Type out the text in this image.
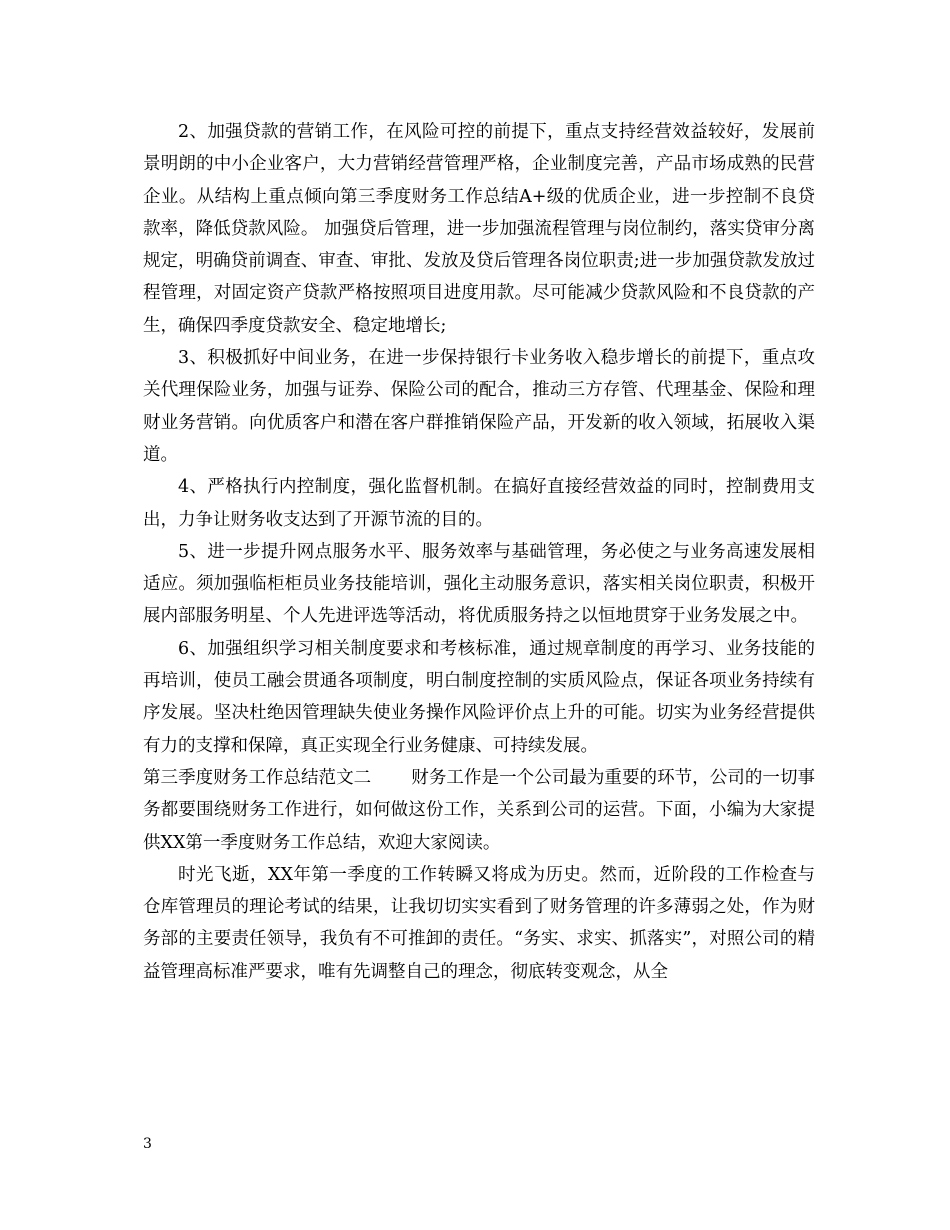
2、加强贷款的营销工作，在风险可控的前提下，重点支持经营效益较好，发展前景明朗的中小企业客户，大力营销经营管理严格，企业制度完善，产品市场成熟的民营企业。从结构上重点倾向第三季度财务工作总结A+级的优质企业，进一步控制不良贷款率，降低贷款风险。 加强贷后管理，进一步加强流程管理与岗位制约，落实贷审分离规定，明确贷前调查、审查、审批、发放及贷后管理各岗位职责;进一步加强贷款发放过程管理，对固定资产贷款严格按照项目进度用款。尽可能减少贷款风险和不良贷款的产生，确保四季度贷款安全、稳定地增长;

3、积极抓好中间业务，在进一步保持银行卡业务收入稳步增长的前提下，重点攻关代理保险业务，加强与证券、保险公司的配合，推动三方存管、代理基金、保险和理财业务营销。向优质客户和潜在客户群推销保险产品，开发新的收入领域，拓展收入渠道。

4、严格执行内控制度，强化监督机制。在搞好直接经营效益的同时，控制费用支出，力争让财务收支达到了开源节流的目的。

5、进一步提升网点服务水平、服务效率与基础管理，务必使之与业务高速发展相适应。须加强临柜柜员业务技能培训，强化主动服务意识，落实相关岗位职责，积极开展内部服务明星、个人先进评选等活动，将优质服务持之以恒地贯穿于业务发展之中。

6、加强组织学习相关制度要求和考核标准，通过规章制度的再学习、业务技能的再培训，使员工融会贯通各项制度，明白制度控制的实质风险点，保证各项业务持续有序发展。坚决杜绝因管理缺失使业务操作风险评价点上升的可能。切实为业务经营提供有力的支撑和保障，真正实现全行业务健康、可持续发展。

第三季度财务工作总结范文二 财务工作是一个公司最为重要的环节，公司的一切事务都要围绕财务工作进行，如何做这份工作，关系到公司的运营。下面，小编为大家提供XX第一季度财务工作总结，欢迎大家阅读。

时光飞逝，XX年第一季度的工作转瞬又将成为历史。然而，近阶段的工作检查与仓库管理员的理论考试的结果，让我切切实实看到了财务管理的许多薄弱之处，作为财务部的主要责任领导，我负有不可推卸的责任。“务实、求实、抓落实”，对照公司的精益管理高标准严要求，唯有先调整自己的理念，彻底转变观念，从全

3
